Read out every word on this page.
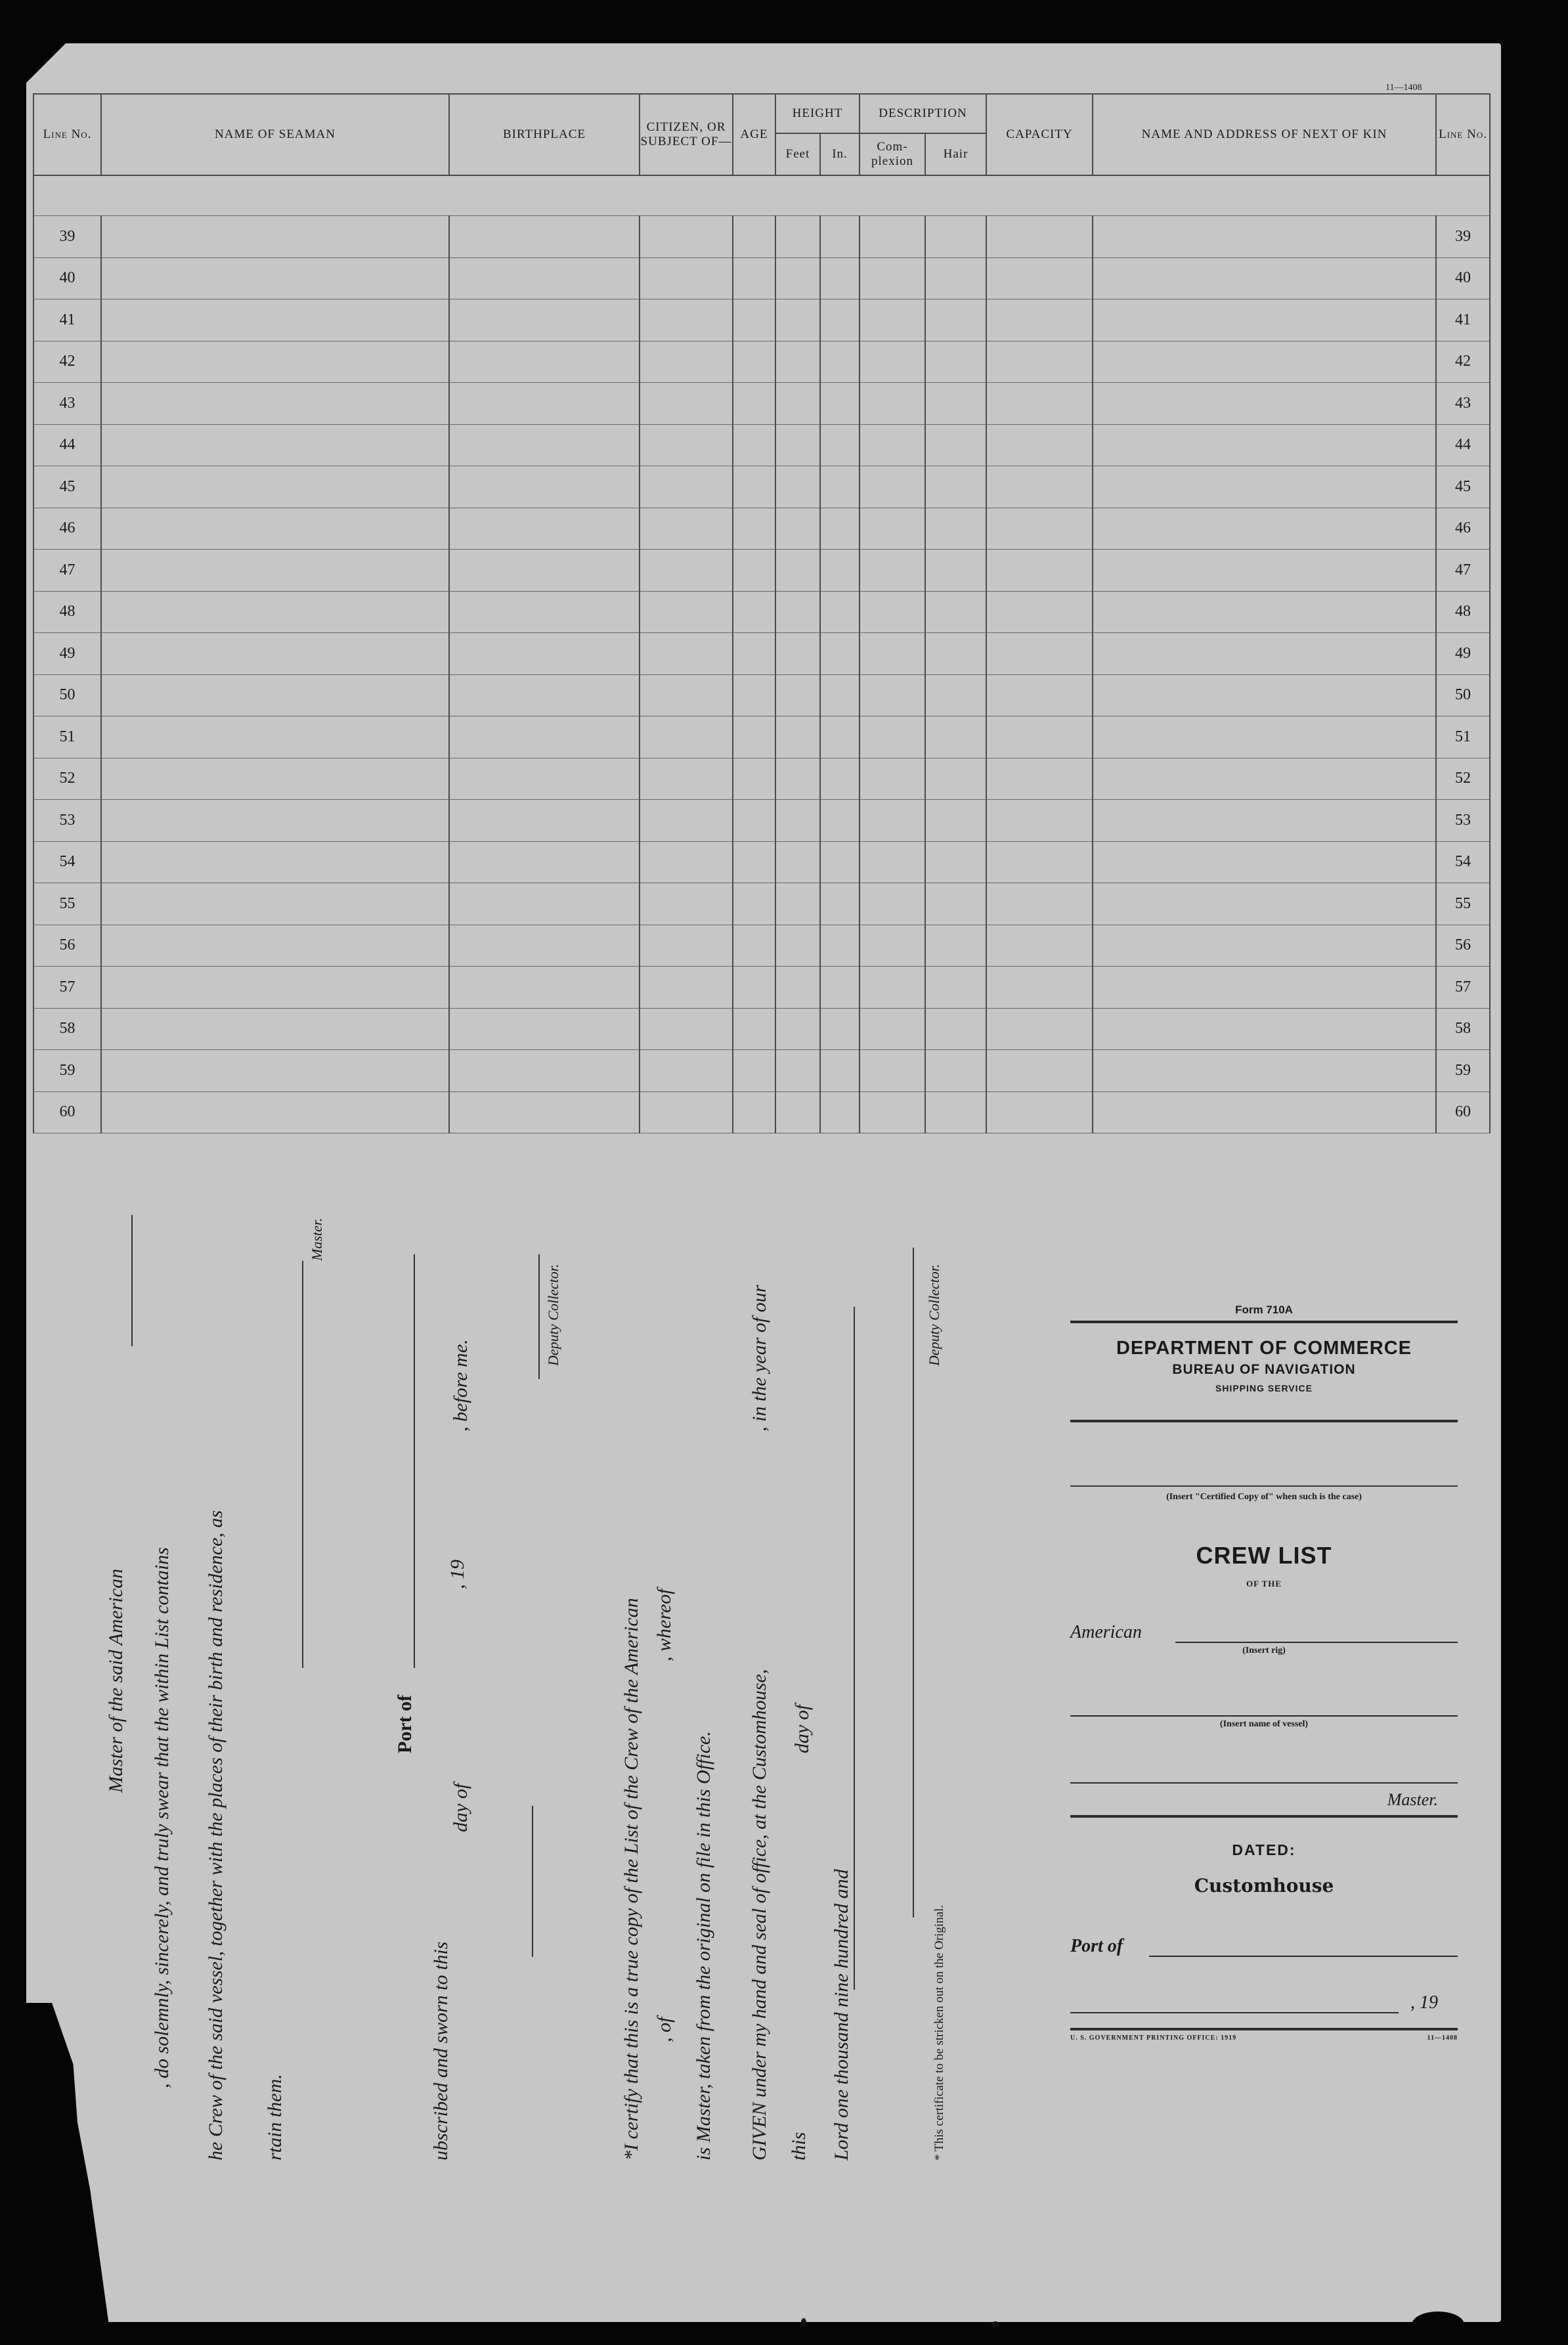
11—1408
Line No.	NAME OF SEAMAN	BIRTHPLACE	CITIZEN, OR SUBJECT OF—	AGE	HEIGHT		DESCRIPTION		CAPACITY	NAME AND ADDRESS OF NEXT OF KIN	Line No.
					Feet	In.	Com- plexion	Hair			

39											39
40											40
41											41
42											42
43											43
44											44
45											45
46											46
47											47
48											48
49											49
50											50
51											51
52											52
53											53
54											54
55											55
56											56
57											57
58											58
59											59
60											60
Master of the said American , do solemnly, sincerely, and truly swear that the within List contains he Crew of the said vessel, together with the places of their birth and residence, as rtain them.
Master.
Port of
ubscribed and sworn to this
day of
, 19
, before me.
Deputy Collector.
*I certify that this is a true copy of the List of the Crew of the American , of
, whereof
is Master, taken from the original on file in this Office. GIVEN under my hand and seal of office, at the Customhouse,
, in the year of our
this
day of
Lord one thousand nine hundred and
Deputy Collector.
* This certificate to be stricken out on the Original.
Form 710A
DEPARTMENT OF COMMERCE
BUREAU OF NAVIGATION
SHIPPING SERVICE
(Insert "Certified Copy of" when such is the case)
CREW LIST
OF THE
American
(Insert rig)
(Insert name of vessel)
Master.
DATED:
Customhouse
Port of
, 19
U. S. GOVERNMENT PRINTING OFFICE: 1919	11—1408
